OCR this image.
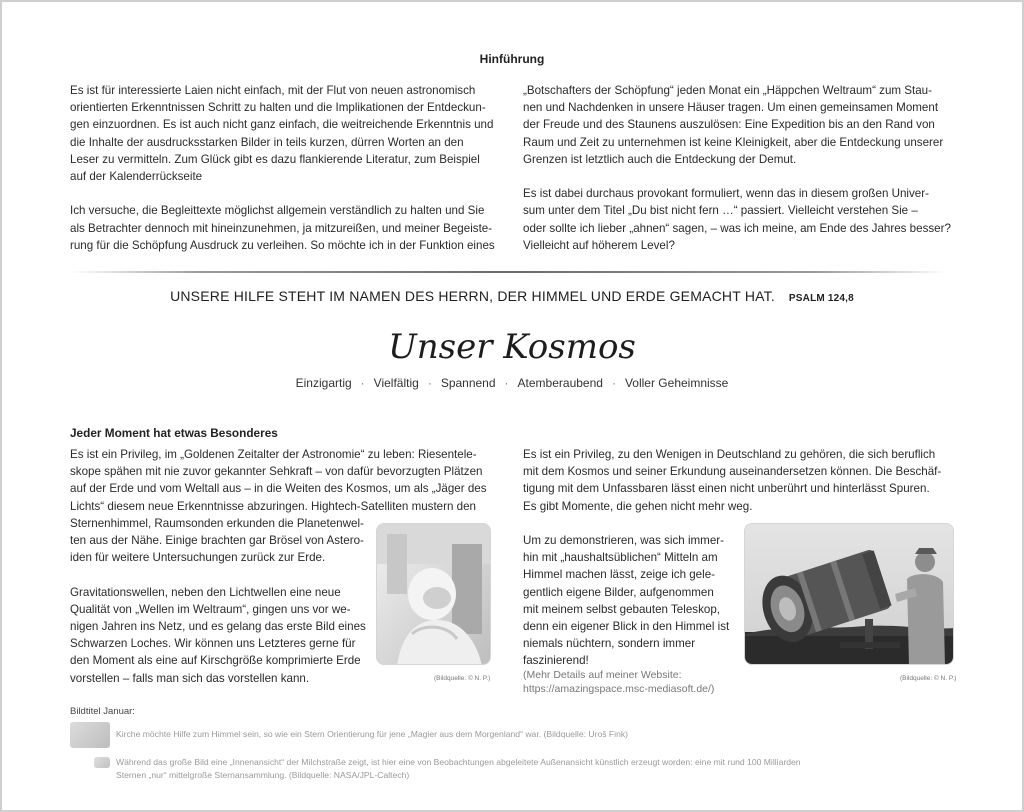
Hinführung
Es ist für interessierte Laien nicht einfach, mit der Flut von neuen astronomisch
orientierten Erkenntnissen Schritt zu halten und die Implikationen der Entdeckun-
gen einzuordnen. Es ist auch nicht ganz einfach, die weitreichende Erkenntnis und
die Inhalte der ausdrucksstarken Bilder in teils kurzen, dürren Worten an den
Leser zu vermitteln. Zum Glück gibt es dazu flankierende Literatur, zum Beispiel
auf der Kalenderrückseite

Ich versuche, die Begleittexte möglichst allgemein verständlich zu halten und Sie
als Betrachter dennoch mit hineinzunehmen, ja mitzureißen, und meiner Begeiste-
rung für die Schöpfung Ausdruck zu verleihen. So möchte ich in der Funktion eines
„Botschafters der Schöpfung“ jeden Monat ein „Häppchen Weltraum“ zum Stau-
nen und Nachdenken in unsere Häuser tragen. Um einen gemeinsamen Moment
der Freude und des Staunens auszulösen: Eine Expedition bis an den Rand von
Raum und Zeit zu unternehmen ist keine Kleinigkeit, aber die Entdeckung unserer
Grenzen ist letztlich auch die Entdeckung der Demut.

Es ist dabei durchaus provokant formuliert, wenn das in diesem großen Univer-
sum unter dem Titel „Du bist nicht fern …“ passiert. Vielleicht verstehen Sie –
oder sollte ich lieber „ahnen“ sagen, – was ich meine, am Ende des Jahres besser?
Vielleicht auf höherem Level?
UNSERE HILFE STEHT IM NAMEN DES HERRN, DER HIMMEL UND ERDE GEMACHT HAT. PSALM 124,8
Unser Kosmos
Einzigartig · Vielfältig · Spannend · Atemberaubend · Voller Geheimnisse
Jeder Moment hat etwas Besonderes
Es ist ein Privileg, im „Goldenen Zeitalter der Astronomie“ zu leben: Riesentele-
skope spähen mit nie zuvor gekannter Sehkraft – von dafür bevorzugten Plätzen
auf der Erde und vom Weltall aus – in die Weiten des Kosmos, um als „Jäger des
Lichts“ diesem neue Erkenntnisse abzuringen. Hightech-Satelliten mustern den
Sternenhimmel, Raumsonden erkunden die Planetenwel-
ten aus der Nähe. Einige brachten gar Brösel von Astero-
iden für weitere Untersuchungen zurück zur Erde.

Gravitationswellen, neben den Lichtwellen eine neue
Qualität von „Wellen im Weltraum“, gingen uns vor we-
nigen Jahren ins Netz, und es gelang das erste Bild eines
Schwarzen Loches. Wir können uns Letzteres gerne für
den Moment als eine auf Kirschgröße komprimierte Erde
vorstellen – falls man sich das vorstellen kann.
Es ist ein Privileg, zu den Wenigen in Deutschland zu gehören, die sich beruflich
mit dem Kosmos und seiner Erkundung auseinandersetzen können. Die Beschäf-
tigung mit dem Unfassbaren lässt einen nicht unberührt und hinterlässt Spuren.
Es gibt Momente, die gehen nicht mehr weg.
Um zu demonstrieren, was sich immer-
hin mit „haushaltsüblichen“ Mitteln am
Himmel machen lässt, zeige ich gele-
gentlich eigene Bilder, aufgenommen
mit meinem selbst gebauten Teleskop,
denn ein eigener Blick in den Himmel ist
niemals nüchtern, sondern immer
faszinierend!
(Bildquelle: © N. P.)	(Bildquelle: © N. P.)
(Mehr Details auf meiner Website:
https://amazingspace.msc-mediasoft.de/)
Bildtitel Januar:
Kirche möchte Hilfe zum Himmel sein, so wie ein Stern Orientierung für jene „Magier aus dem Morgenland“ war. (Bildquelle: Uroš Fink)
Während das große Bild eine „Innenansicht“ der Milchstraße zeigt, ist hier eine von Beobachtungen abgeleitete Außenansicht künstlich erzeugt worden: eine mit rund 100 Milliarden
Sternen „nur“ mittelgroße Sternansammlung. (Bildquelle: NASA/JPL-Caltech)
